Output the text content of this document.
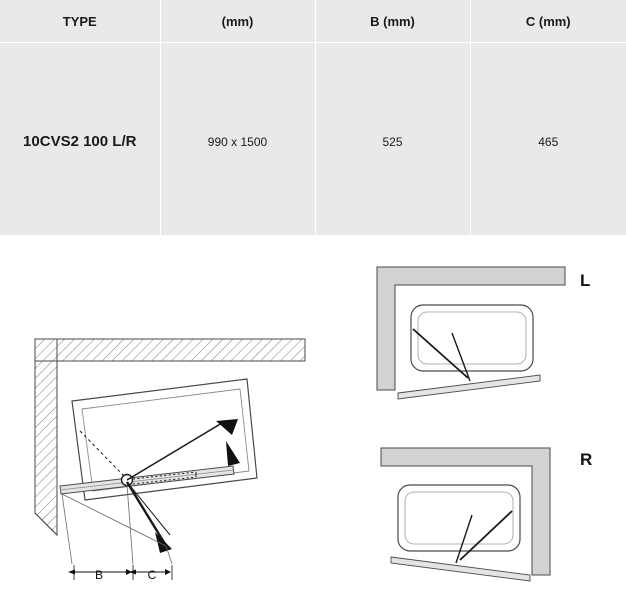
TYPE	(mm)	B (mm)	C (mm)
10CVS2 100 L/R	990 x 1500	525	465
B	C
L
R
